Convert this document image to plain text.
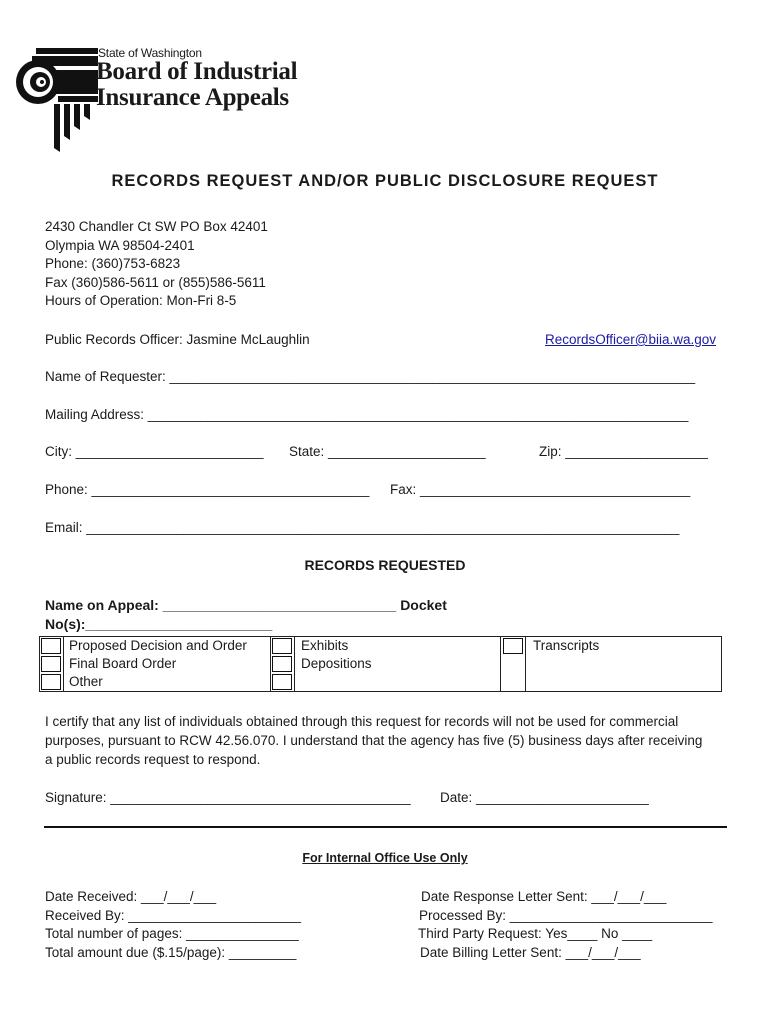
State of Washington
Board of Industrial
Insurance Appeals
RECORDS REQUEST AND/OR PUBLIC DISCLOSURE REQUEST
2430 Chandler Ct SW PO Box 42401
Olympia WA 98504-2401
Phone: (360)753-6823
Fax (360)586-5611 or (855)586-5611
Hours of Operation: Mon-Fri 8-5
Public Records Officer: Jasmine McLaughlin	RecordsOfficer@biia.wa.gov
Name of Requester: ______________________________________________________________________
Mailing Address: ________________________________________________________________________
City: _________________________ State: _____________________	Zip: ___________________
Phone: _____________________________________ Fax: ____________________________________
Email: _______________________________________________________________________________
RECORDS REQUESTED
Name on Appeal: ______________________________ Docket
No(s):________________________
Proposed Decision and Order
Final Board Order
Other
Exhibits
Depositions
Transcripts
I certify that any list of individuals obtained through this request for records will not be used for commercial
purposes, pursuant to RCW 42.56.070. I understand that the agency has five (5) business days after receiving
a public records request to respond.
Signature: ________________________________________ Date: _______________________
For Internal Office Use Only
Date Received: ___/___/___
Received By: _______________________
Total number of pages: _______________
Total amount due ($.15/page): _________
Date Response Letter Sent: ___/___/___
Processed By: ___________________________
Third Party Request: Yes____ No ____
Date Billing Letter Sent: ___/___/___
